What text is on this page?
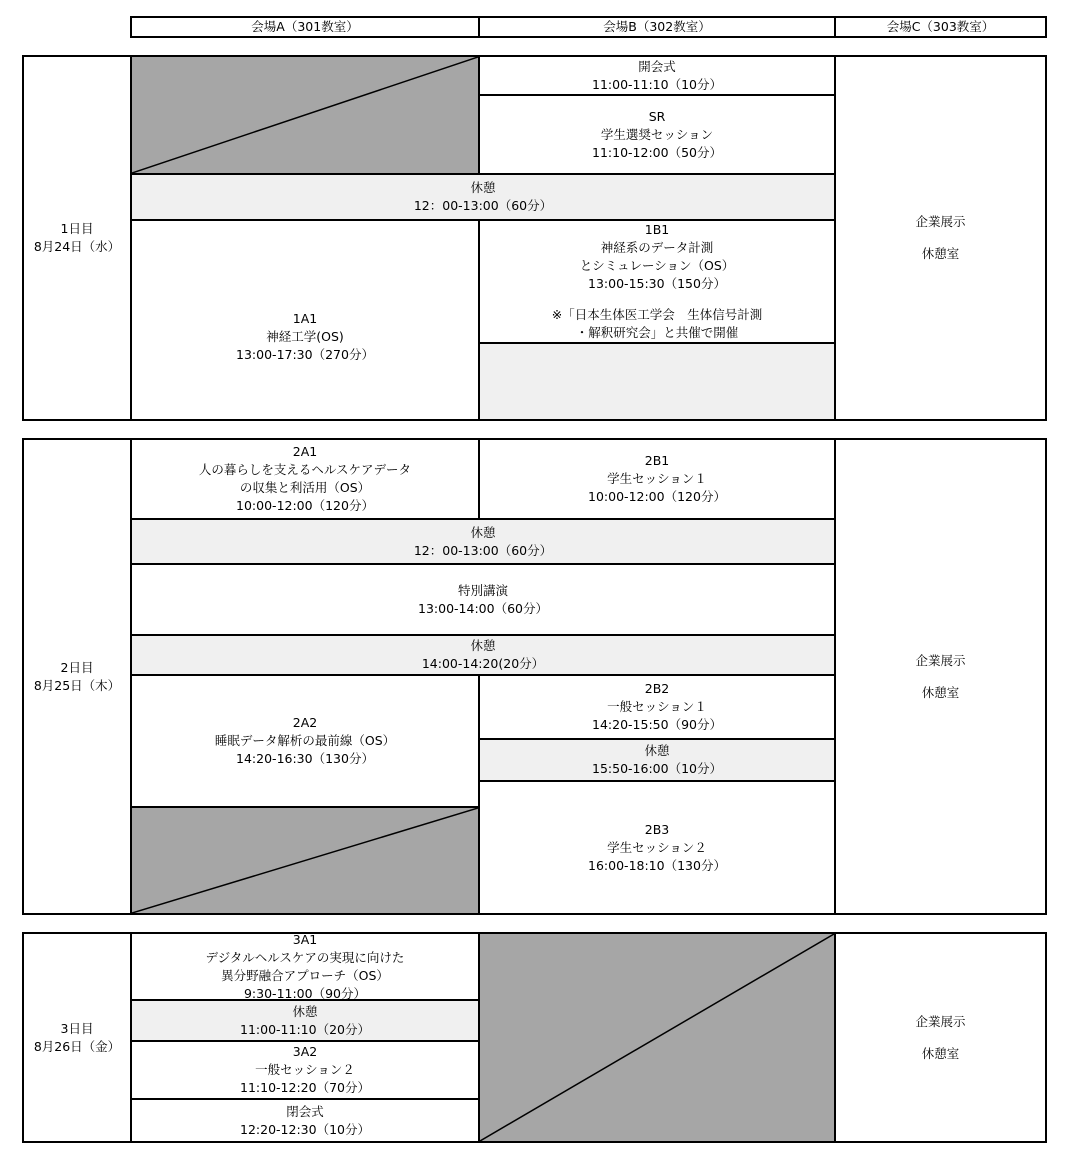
会場A（301教室）	会場B（302教室）	会場C（303教室）
1日目
8月24日（水）
開会式
11:00-11:10（10分）
SR
学生選奨セッション
11:10-12:00（50分）
休憩
12：00-13:00（60分）
1A1
神経工学(OS)
13:00-17:30（270分）
1B1
神経系のデータ計測
とシミュレーション（OS）
13:00-15:30（150分）
※「日本生体医工学会　生体信号計測
・解釈研究会」と共催で開催
企業展示
休憩室
2日目
8月25日（木）
2A1
人の暮らしを支えるヘルスケアデータ
の収集と利活用（OS）
10:00-12:00（120分）
2B1
学生セッション１
10:00-12:00（120分）
休憩
12：00-13:00（60分）
特別講演
13:00-14:00（60分）
休憩
14:00-14:20(20分）
2A2
睡眠データ解析の最前線（OS）
14:20-16:30（130分）
2B2
一般セッション１
14:20-15:50（90分）
休憩
15:50-16:00（10分）
2B3
学生セッション２
16:00-18:10（130分）
企業展示
休憩室
3日目
8月26日（金）
3A1
デジタルヘルスケアの実現に向けた
異分野融合アプローチ（OS）
9:30-11:00（90分）
休憩
11:00-11:10（20分）
3A2
一般セッション２
11:10-12:20（70分）
閉会式
12:20-12:30（10分）
企業展示
休憩室
